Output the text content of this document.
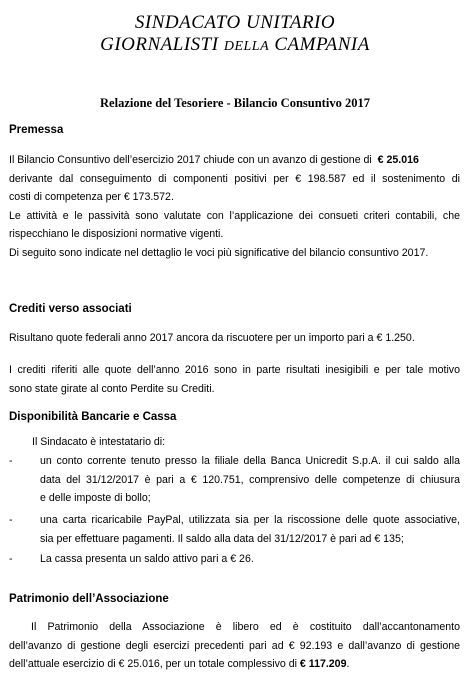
SINDACATO UNITARIO
GIORNALISTI DELLA CAMPANIA
Relazione del Tesoriere - Bilancio Consuntivo 2017
Premessa
Il Bilancio Consuntivo dell’esercizio 2017 chiude con un avanzo di gestione di € 25.016
derivante dal conseguimento di componenti positivi per € 198.587 ed il sostenimento di
costi di competenza per € 173.572.
Le attività e le passività sono valutate con l’applicazione dei consueti criteri contabili, che
rispecchiano le disposizioni normative vigenti.
Di seguito sono indicate nel dettaglio le voci più significative del bilancio consuntivo 2017.
Crediti verso associati
Risultano quote federali anno 2017 ancora da riscuotere per un importo pari a € 1.250.
I crediti riferiti alle quote dell’anno 2016 sono in parte risultati inesigibili e per tale motivo
sono state girate al conto Perdite su Crediti.
Disponibilità Bancarie e Cassa
Il Sindacato è intestatario di:
-	un conto corrente tenuto presso la filiale della Banca Unicredit S.p.A. il cui saldo alla
data del 31/12/2017 è pari a € 120.751, comprensivo delle competenze di chiusura
e delle imposte di bollo;
-	una carta ricaricabile PayPal, utilizzata sia per la riscossione delle quote associative,
sia per effettuare pagamenti. Il saldo alla data del 31/12/2017 è pari ad € 135;
-	La cassa presenta un saldo attivo pari a € 26.
Patrimonio dell’Associazione
Il Patrimonio della Associazione è libero ed è costituito dall’accantonamento
dell’avanzo di gestione degli esercizi precedenti pari ad € 92.193 e dall’avanzo di gestione
dell’attuale esercizio di € 25.016, per un totale complessivo di € 117.209.
